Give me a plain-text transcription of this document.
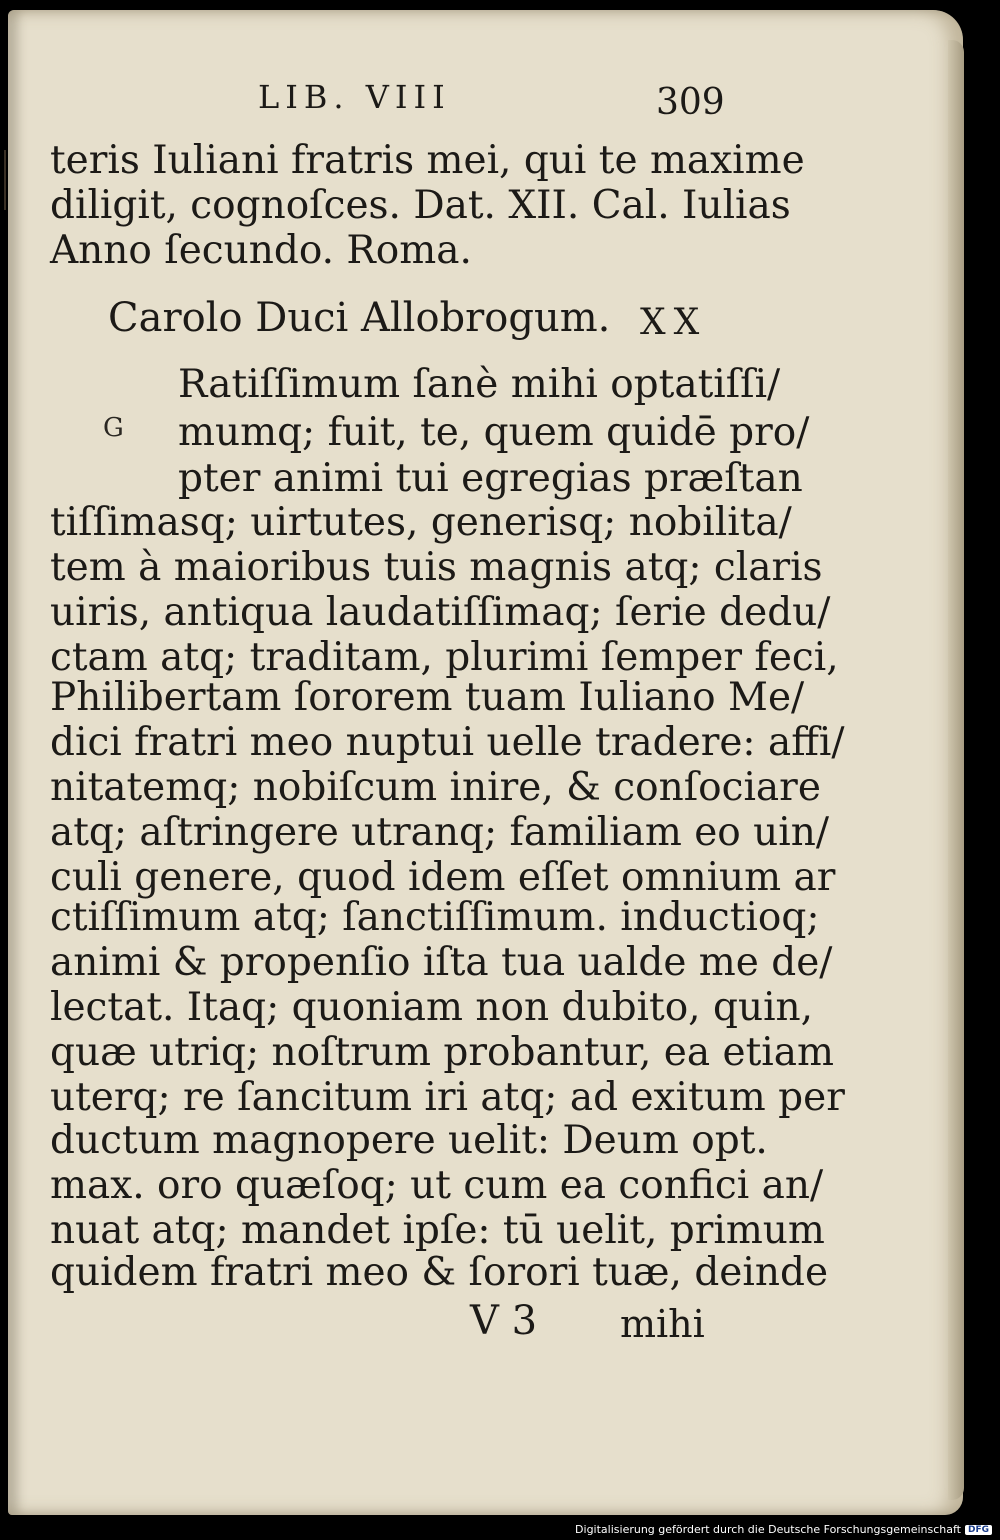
LIB. VIII	309
teris Iuliani fratris mei, qui te maxime
diligit, cognoſces. Dat. XII. Cal. Iulias
Anno ſecundo. Roma.
Carolo Duci Allobrogum. XX
G
Ratiſſimum ſanè mihi optatiſſi/
mumq; fuit, te, quem quidē pro/
pter animi tui egregias præſtan
tiſſimasq; uirtutes, generisq; nobilita/
tem à maioribus tuis magnis atq; claris
uiris, antiqua laudatiſſimaq; ſerie dedu/
ctam atq; traditam, plurimi ſemper feci,
Philibertam ſororem tuam Iuliano Me/
dici fratri meo nuptui uelle tradere: affi/
nitatemq; nobiſcum inire, & conſociare
atq; aſtringere utranq; familiam eo uin/
culi genere, quod idem eſſet omnium ar
ctiſſimum atq; ſanctiſſimum. inductioq;
animi & propenſio iſta tua ualde me de/
lectat. Itaq; quoniam non dubito, quin,
quæ utriq; noſtrum probantur, ea etiam
uterq; re ſancitum iri atq; ad exitum per
ductum magnopere uelit: Deum opt.
max. oro quæſoq; ut cum ea confici an/
nuat atq; mandet ipſe: tū uelit, primum
quidem fratri meo & ſorori tuæ, deinde
V 3 mihi
Digitalisierung gefördert durch die Deutsche Forschungsgemeinschaft DFG
